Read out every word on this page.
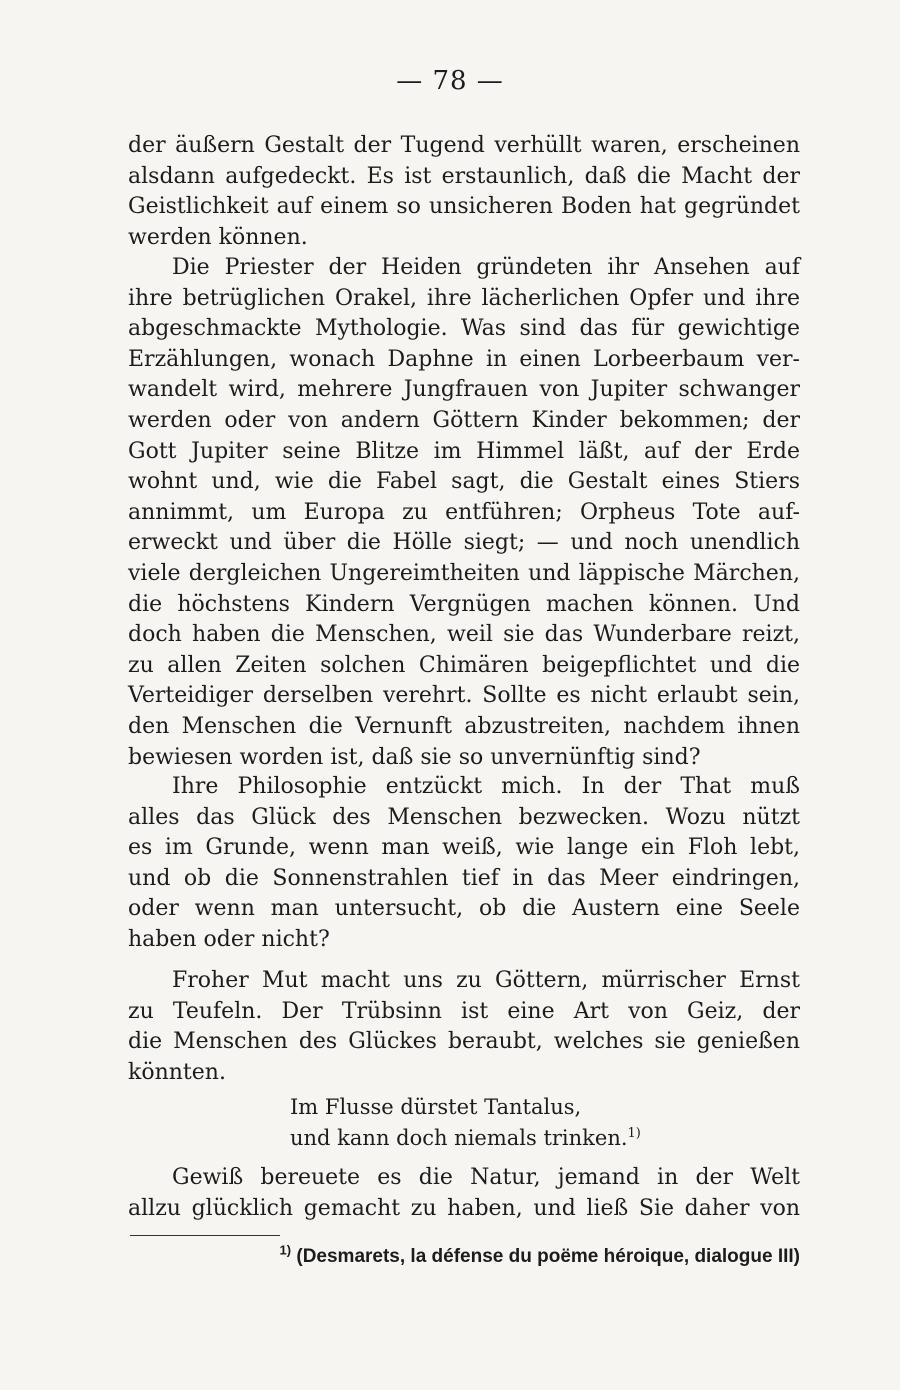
— 78 —
der äußern Gestalt der Tugend verhüllt waren, erscheinen
alsdann aufgedeckt. Es ist erstaunlich, daß die Macht der
Geistlichkeit auf einem so unsicheren Boden hat gegründet
werden können.
Die Priester der Heiden gründeten ihr Ansehen auf
ihre betrüglichen Orakel, ihre lächerlichen Opfer und ihre
abgeschmackte Mythologie. Was sind das für gewichtige
Erzählungen, wonach Daphne in einen Lorbeerbaum ver-
wandelt wird, mehrere Jungfrauen von Jupiter schwanger
werden oder von andern Göttern Kinder bekommen; der
Gott Jupiter seine Blitze im Himmel läßt, auf der Erde
wohnt und, wie die Fabel sagt, die Gestalt eines Stiers
annimmt, um Europa zu entführen; Orpheus Tote auf-
erweckt und über die Hölle siegt; — und noch unendlich
viele dergleichen Ungereimtheiten und läppische Märchen,
die höchstens Kindern Vergnügen machen können. Und
doch haben die Menschen, weil sie das Wunderbare reizt,
zu allen Zeiten solchen Chimären beigepflichtet und die
Verteidiger derselben verehrt. Sollte es nicht erlaubt sein,
den Menschen die Vernunft abzustreiten, nachdem ihnen
bewiesen worden ist, daß sie so unvernünftig sind?
Ihre Philosophie entzückt mich. In der That muß
alles das Glück des Menschen bezwecken. Wozu nützt
es im Grunde, wenn man weiß, wie lange ein Floh lebt,
und ob die Sonnenstrahlen tief in das Meer eindringen,
oder wenn man untersucht, ob die Austern eine Seele
haben oder nicht?
Froher Mut macht uns zu Göttern, mürrischer Ernst
zu Teufeln. Der Trübsinn ist eine Art von Geiz, der
die Menschen des Glückes beraubt, welches sie genießen
könnten.
Im Flusse dürstet Tantalus,
und kann doch niemals trinken.$^{1)}$
Gewiß bereuete es die Natur, jemand in der Welt
allzu glücklich gemacht zu haben, und ließ Sie daher von
$^{1)}$ (Desmarets, la défense du poëme héroique, dialogue III)
